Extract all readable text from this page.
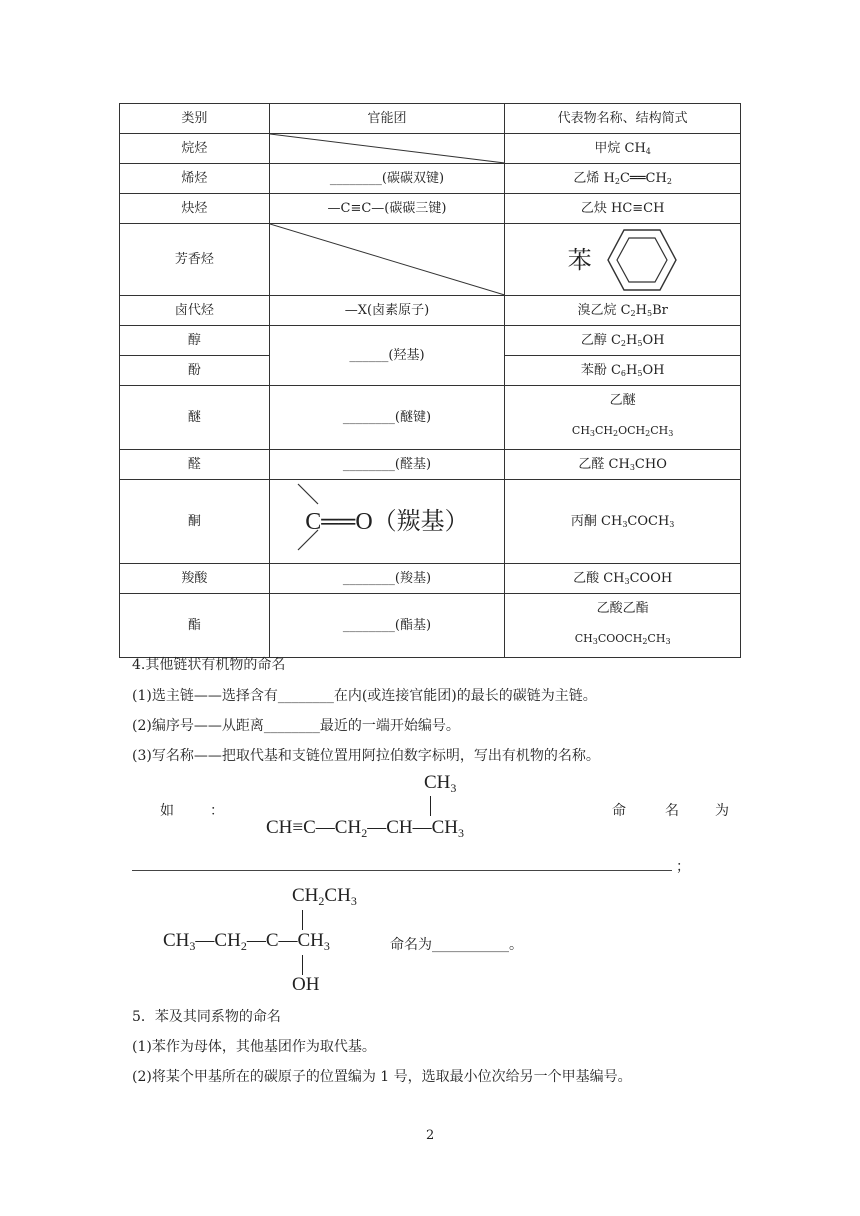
类别	官能团	代表物名称、结构简式
烷烃		甲烷 $CH_4$
烯烃	________(碳碳双键)	乙烯 $H_2C══CH_2$
炔烃	—C≡C—(碳碳三键)	乙炔 HC≡CH
芳香烃		苯
卤代烃	—X(卤素原子)	溴乙烷 $C_2H_5Br$
醇	______(羟基)	乙醇 $C_2H_5OH$
酚		苯酚 $C_6H_5OH$
醚	________(醚键)	乙醚
$CH_3CH_2OCH_2CH_3$

醛	________(醛基)	乙醛 $CH_3CHO$
酮	C══O（羰基）	丙酮 $CH_3COCH_3$
羧酸	________(羧基)	乙酸 $CH_3COOH$
酯	________(酯基)	乙酸乙酯
$CH_3COOCH_2CH_3$
4.其他链状有机物的命名
(1)选主链——选择含有________在内(或连接官能团)的最长的碳链为主链。
(2)编序号——从距离________最近的一端开始编号。
(3)写名称——把取代基和支链位置用阿拉伯数字标明，写出有机物的名称。
如	：
$CH_3$
$CH\equiv C—CH_2—CH—CH_3$
命	名	为
；
$CH_2CH_3$
$CH_3—CH_2—C—CH_3$
OH
命名为___________。
5．苯及其同系物的命名
(1)苯作为母体，其他基团作为取代基。
(2)将某个甲基所在的碳原子的位置编为 1 号，选取最小位次给另一个甲基编号。
2
